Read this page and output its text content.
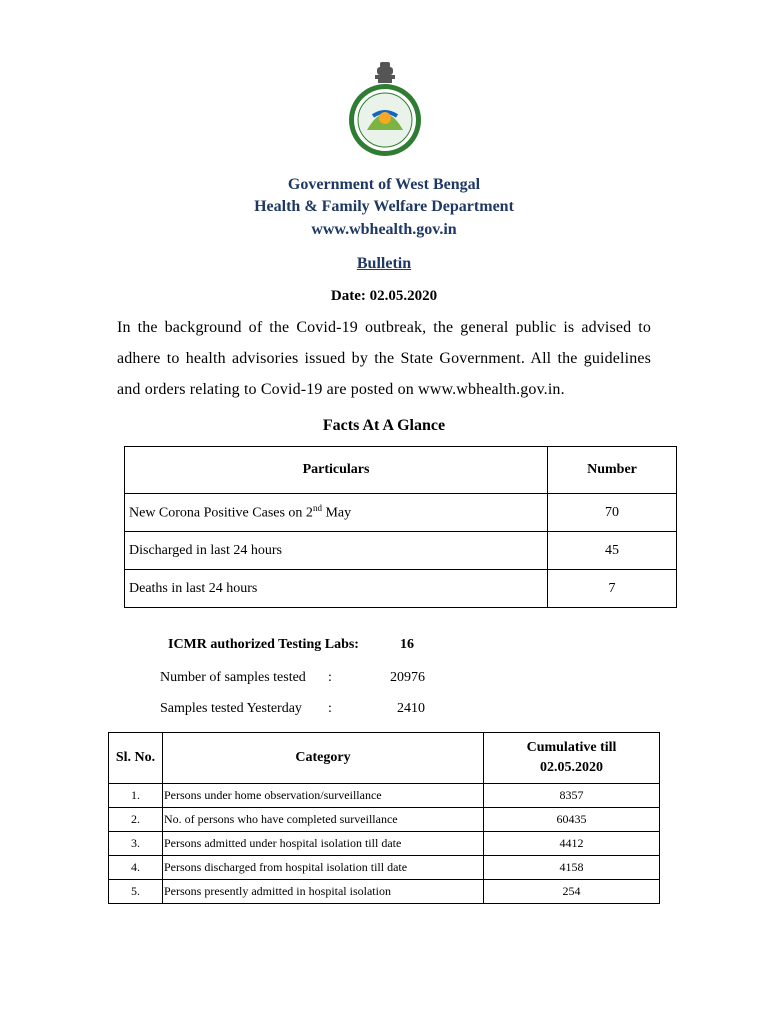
Government of West Bengal
Health & Family Welfare Department
www.wbhealth.gov.in
Bulletin
Date: 02.05.2020
In the background of the Covid-19 outbreak, the general public is advised to adhere to health advisories issued by the State Government. All the guidelines and orders relating to Covid-19 are posted on www.wbhealth.gov.in.
Facts At A Glance
Particulars	Number
New Corona Positive Cases on 2nd May	70
Discharged in last 24 hours	45
Deaths in last 24 hours	7
ICMR authorized Testing Labs:	16
Number of samples tested :	20976
Samples tested Yesterday :	2410
Sl. No.	Category	Cumulative till
02.05.2020

1.	Persons under home observation/surveillance	8357
2.	No. of persons who have completed surveillance	60435
3.	Persons admitted under hospital isolation till date	4412
4.	Persons discharged from hospital isolation till date	4158
5.	Persons presently admitted in hospital isolation	254
